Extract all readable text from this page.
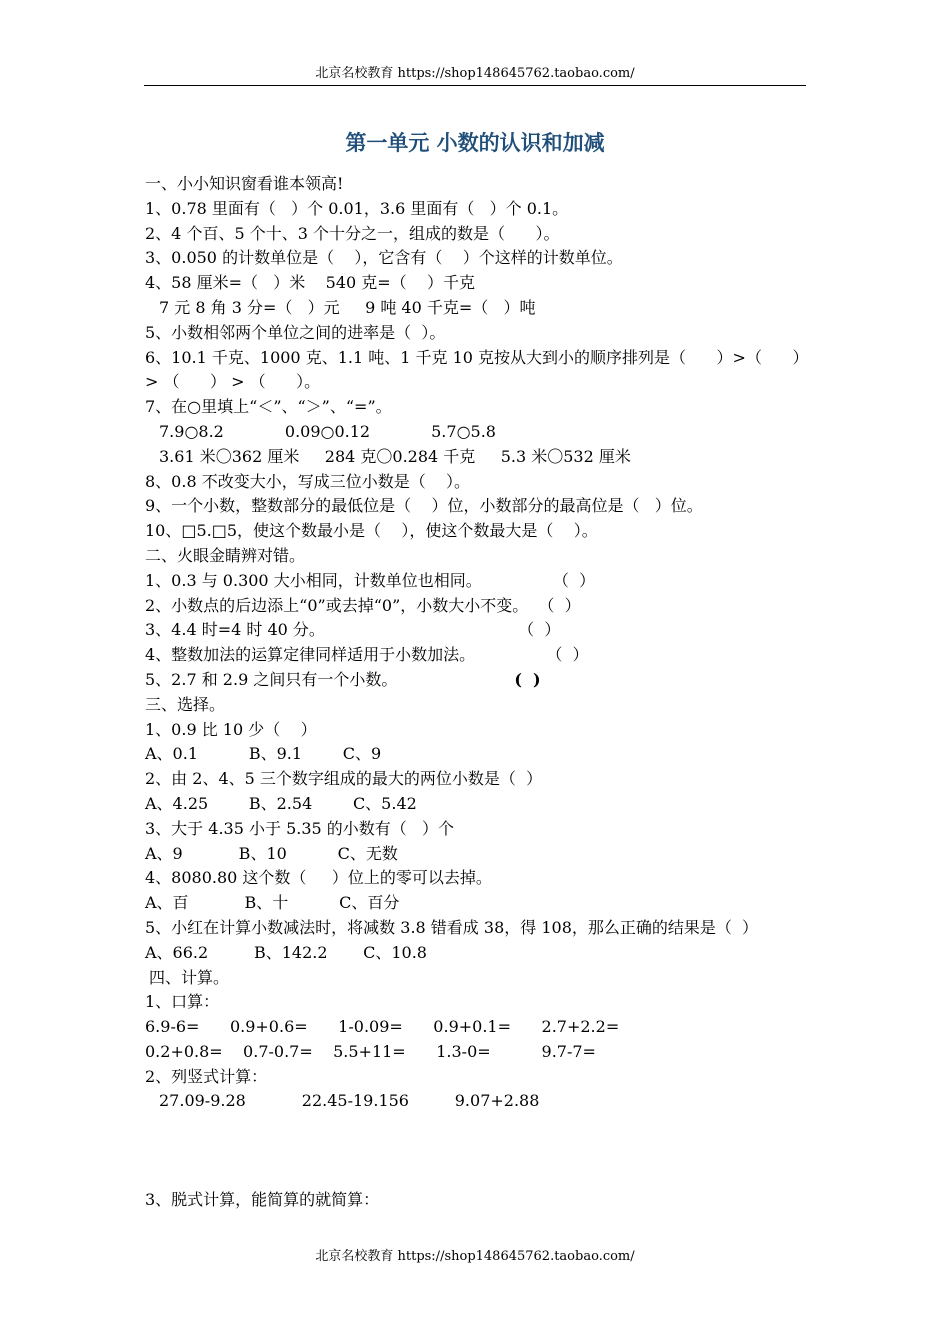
北京名校教育 https://shop148645762.taobao.com/
第一单元 小数的认识和加减
一、小小知识窗看谁本领高!
1、0.78 里面有（   ）个 0.01，3.6 里面有（   ）个 0.1。
2、4 个百、5 个十、3 个十分之一，组成的数是（      ）。
3、0.050 的计数单位是（    ），它含有（    ）个这样的计数单位。
4、58 厘米=（   ）米    540 克=（    ）千克
7 元 8 角 3 分=（   ）元     9 吨 40 千克=（   ）吨
5、小数相邻两个单位之间的进率是（  ）。
6、10.1 千克、1000 克、1.1 吨、1 千克 10 克按从大到小的顺序排列是（      ）>（      ）
> （      ） > （      ）。
7、在○里填上“＜”、“＞”、“=”。
7.9○8.2            0.09○0.12            5.7○5.8
3.61 米〇362 厘米     284 克〇0.284 千克     5.3 米〇532 厘米
8、0.8 不改变大小，写成三位小数是（    ）。
9、一个小数，整数部分的最低位是（    ）位，小数部分的最高位是（   ）位。
10、□5.□5，使这个数最小是（    ），使这个数最大是（    ）。
二、火眼金睛辨对错。
1、0.3 与 0.300 大小相同，计数单位也相同。              （  ）
2、小数点的后边添上“0”或去掉“0”，小数大小不变。  （  ）
3、4.4 时=4 时 40 分。                                      （  ）
4、整数加法的运算定律同样适用于小数加法。              （  ）
5、2.7 和 2.9 之间只有一个小数。                       (  )
三、选择。
1、0.9 比 10 少（    ）
A、0.1          B、9.1        C、9
2、由 2、4、5 三个数字组成的最大的两位小数是（  ）
A、4.25        B、2.54        C、5.42
3、大于 4.35 小于 5.35 的小数有（   ）个
A、9           B、10          C、无数
4、8080.80 这个数（     ）位上的零可以去掉。
A、百           B、十          C、百分
5、小红在计算小数减法时，将减数 3.8 错看成 38，得 108，那么正确的结果是（  ）
A、66.2         B、142.2       C、10.8
四、计算。
1、口算：
6.9-6=      0.9+0.6=      1-0.09=      0.9+0.1=      2.7+2.2=
0.2+0.8=    0.7-0.7=    5.5+11=      1.3-0=          9.7-7=
2、列竖式计算：
27.09-9.28           22.45-19.156         9.07+2.88
3、脱式计算，能简算的就简算：
北京名校教育 https://shop148645762.taobao.com/
